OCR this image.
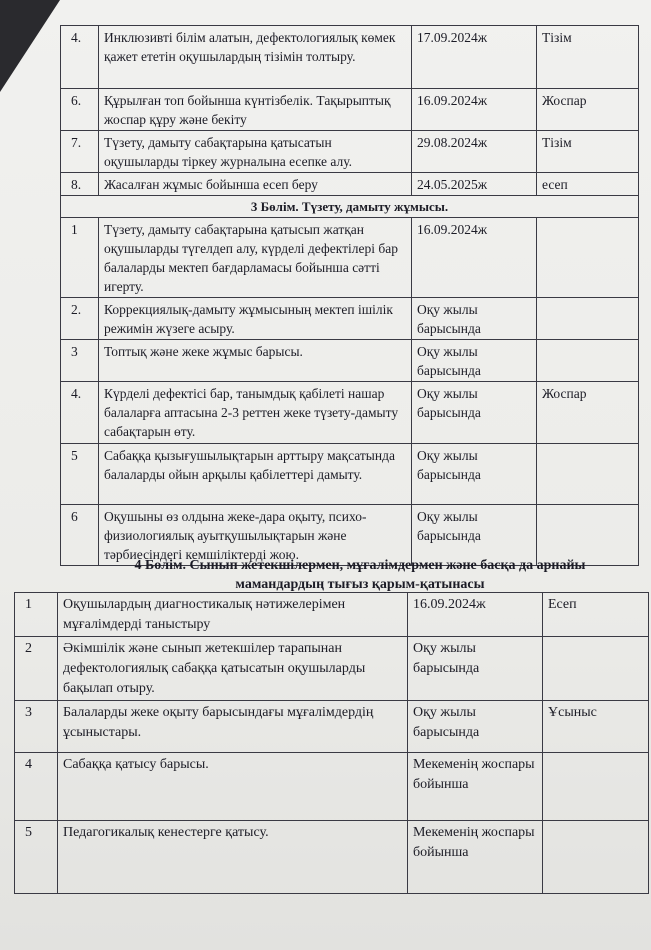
4.	Инклюзивті білім алатын, дефектологиялық көмек қажет ететін оқушылардың тізімін толтыру.	17.09.2024ж	Тізім
6.	Құрылған топ бойынша күнтізбелік. Тақырыптық жоспар құру және бекіту	16.09.2024ж	Жоспар
7.	Түзету, дамыту сабақтарына қатысатын оқушыларды тіркеу журналына есепке алу.	29.08.2024ж	Тізім
8.	Жасалған жұмыс бойынша есеп беру	24.05.2025ж	есеп
3 Бөлім. Түзету, дамыту жұмысы.			
1	Түзету, дамыту сабақтарына қатысып жатқан оқушыларды түгелдеп алу, күрделі дефектілері бар балаларды мектеп бағдарламасы бойынша сәтті игерту.	16.09.2024ж	
2.	Коррекциялық-дамыту жұмысының мектеп ішілік режимін жүзеге асыру.	Оқу жылы барысында	
3	Топтық және жеке жұмыс барысы.	Оқу жылы барысында	
4.	Күрделі дефектісі бар, танымдық қабілеті нашар балаларға аптасына 2-3 реттен жеке түзету-дамыту сабақтарын өту.	Оқу жылы барысында	Жоспар
5	Сабаққа қызығушылықтарын арттыру мақсатында балаларды ойын арқылы қабілеттері дамыту.	Оқу жылы барысында	
6	Оқушыны өз олдына жеке-дара оқыту, психо-физиологиялық ауытқушылықтарын және тәрбиесіндегі кемшіліктерді жою.	Оқу жылы барысында	
4 Бөлім. Сынып жетекшілермен, мұғалімдермен және басқа да арнайы мамандардың тығыз қарым-қатынасы
1	Оқушылардың диагностикалық нәтижелерімен мұғалімдерді таныстыру	16.09.2024ж	Есеп
2	Әкімшілік және сынып жетекшілер тарапынан дефектологиялық сабаққа қатысатын оқушыларды бақылап отыру.	Оқу жылы барысында	
3	Балаларды жеке оқыту барысындағы мұғалімдердің ұсыныстары.	Оқу жылы барысында	Ұсыныс
4	Сабаққа қатысу барысы.	Мекеменің жоспары бойынша	
5	Педагогикалық кенестерге қатысу.	Мекеменің жоспары бойынша	
